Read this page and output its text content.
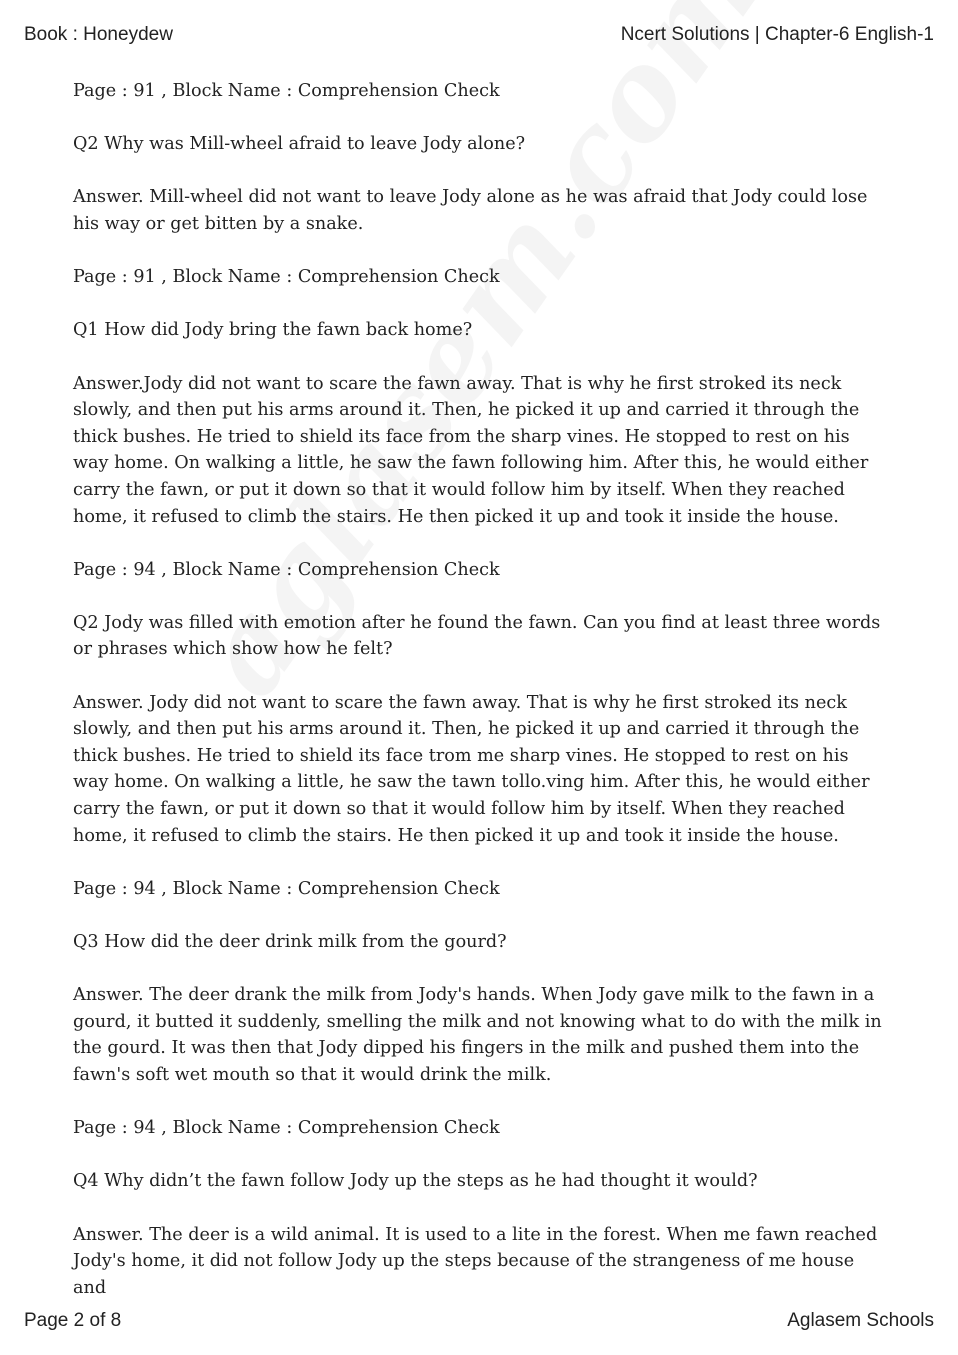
Book : Honeydew	Ncert Solutions | Chapter-6 English-1

Page : 91 , Block Name : Comprehension Check

Q2 Why was Mill-wheel afraid to leave Jody alone?

Answer. Mill-wheel did not want to leave Jody alone as he was afraid that Jody could lose his way or get bitten by a snake.

Page : 91 , Block Name : Comprehension Check

Q1 How did Jody bring the fawn back home?

Answer.Jody did not want to scare the fawn away. That is why he first stroked its neck slowly, and then put his arms around it. Then, he picked it up and carried it through the thick bushes. He tried to shield its face from the sharp vines. He stopped to rest on his way home. On walking a little, he saw the fawn following him. After this, he would either carry the fawn, or put it down so that it would follow him by itself. When they reached home, it refused to climb the stairs. He then picked it up and took it inside the house.

Page : 94 , Block Name : Comprehension Check

Q2 Jody was filled with emotion after he found the fawn. Can you find at least three words or phrases which show how he felt?

Answer. Jody did not want to scare the fawn away. That is why he first stroked its neck slowly, and then put his arms around it. Then, he picked it up and carried it through the thick bushes. He tried to shield its face trom me sharp vines. He stopped to rest on his way home. On walking a little, he saw the tawn tollo.ving him. After this, he would either carry the fawn, or put it down so that it would follow him by itself. When they reached home, it refused to climb the stairs. He then picked it up and took it inside the house.

Page : 94 , Block Name : Comprehension Check

Q3 How did the deer drink milk from the gourd?

Answer. The deer drank the milk from Jody's hands. When Jody gave milk to the fawn in a gourd, it butted it suddenly, smelling the milk and not knowing what to do with the milk in the gourd. It was then that Jody dipped his fingers in the milk and pushed them into the fawn's soft wet mouth so that it would drink the milk.

Page : 94 , Block Name : Comprehension Check

Q4 Why didn’t the fawn follow Jody up the steps as he had thought it would?

Answer. The deer is a wild animal. It is used to a lite in the forest. When me fawn reached Jody's home, it did not follow Jody up the steps because of the strangeness of me house and

Page 2 of 8	Aglasem Schools
